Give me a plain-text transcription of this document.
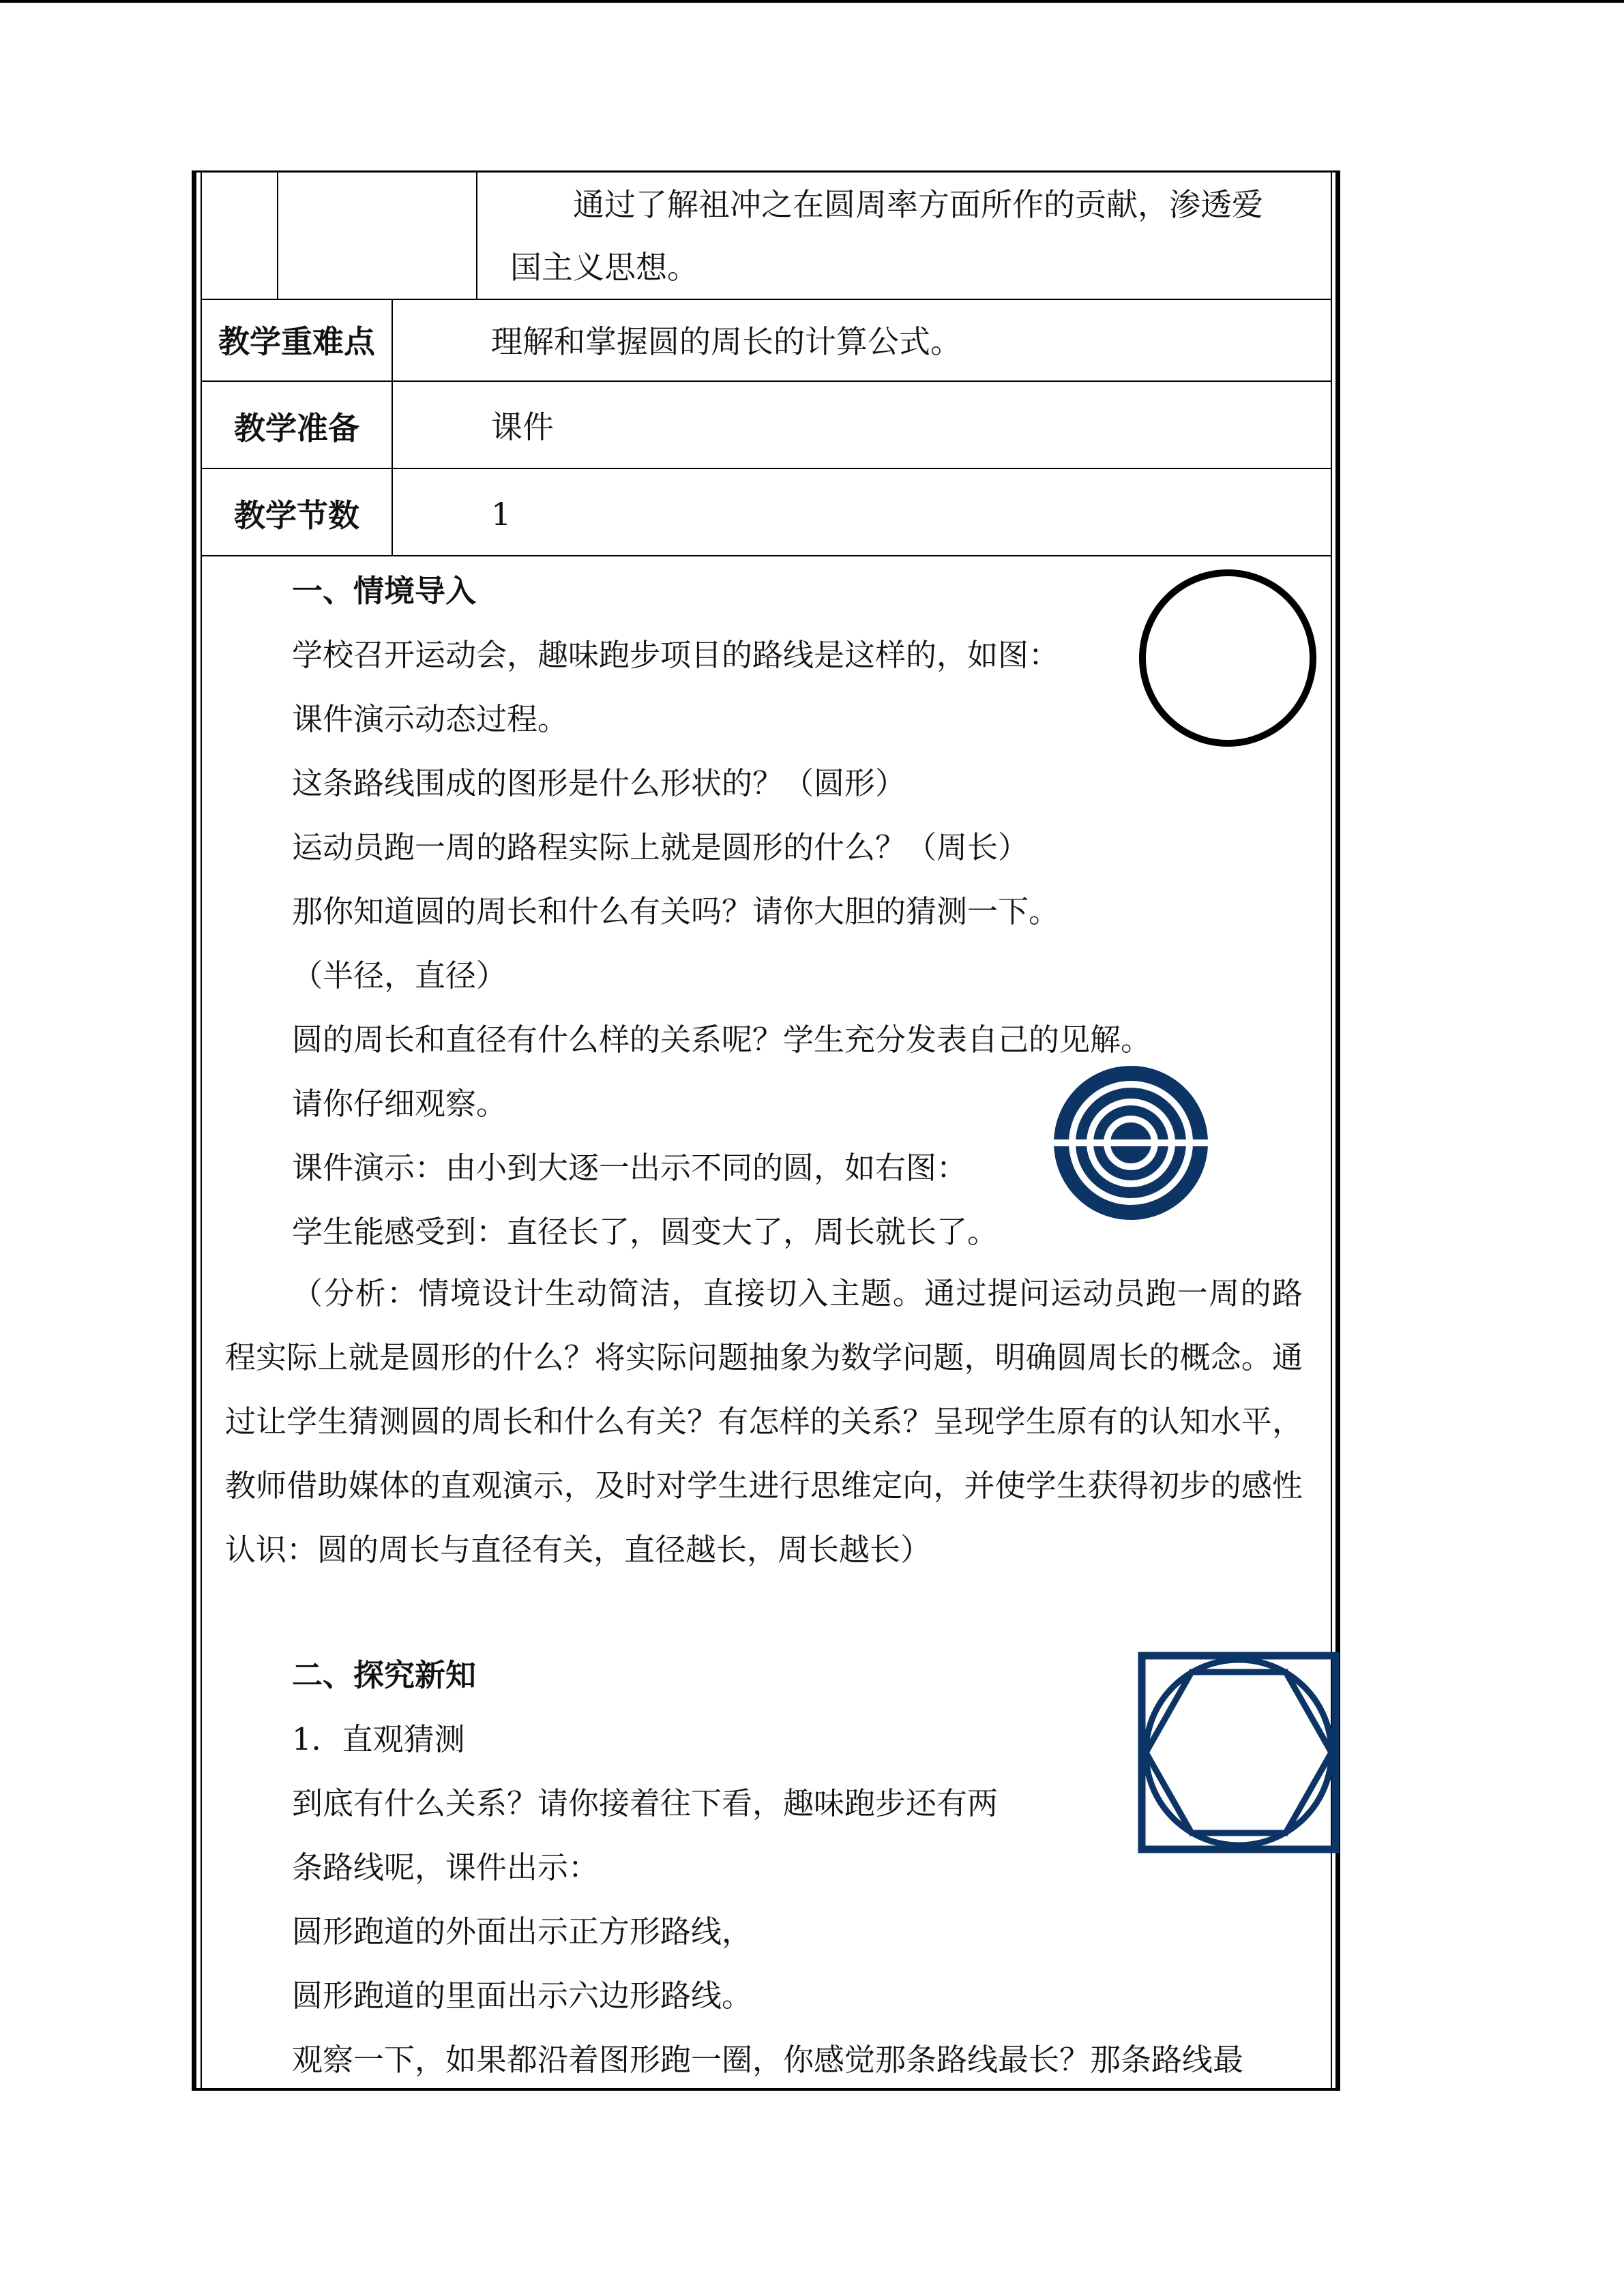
通过了解祖冲之在圆周率方面所作的贡献，渗透爱
国主义思想。
教学重难点	理解和掌握圆的周长的计算公式。
教学准备	课件
教学节数	1
一、情境导入
学校召开运动会，趣味跑步项目的路线是这样的，如图：
课件演示动态过程。
这条路线围成的图形是什么形状的？（圆形）
运动员跑一周的路程实际上就是圆形的什么？（周长）
那你知道圆的周长和什么有关吗？请你大胆的猜测一下。
（半径，直径）
圆的周长和直径有什么样的关系呢？学生充分发表自己的见解。
请你仔细观察。
课件演示：由小到大逐一出示不同的圆，如右图：
学生能感受到：直径长了，圆变大了，周长就长了。
（分析：情境设计生动简洁，直接切入主题。通过提问运动员跑一周的路程实际上就是圆形的什么？将实际问题抽象为数学问题，明确圆周长的概念。通过让学生猜测圆的周长和什么有关？有怎样的关系？呈现学生原有的认知水平，教师借助媒体的直观演示，及时对学生进行思维定向，并使学生获得初步的感性认识：圆的周长与直径有关，直径越长，周长越长）
二、探究新知
1．直观猜测
到底有什么关系？请你接着往下看，趣味跑步还有两
条路线呢，课件出示：
圆形跑道的外面出示正方形路线，
圆形跑道的里面出示六边形路线。
观察一下，如果都沿着图形跑一圈，你感觉那条路线最长？那条路线最
